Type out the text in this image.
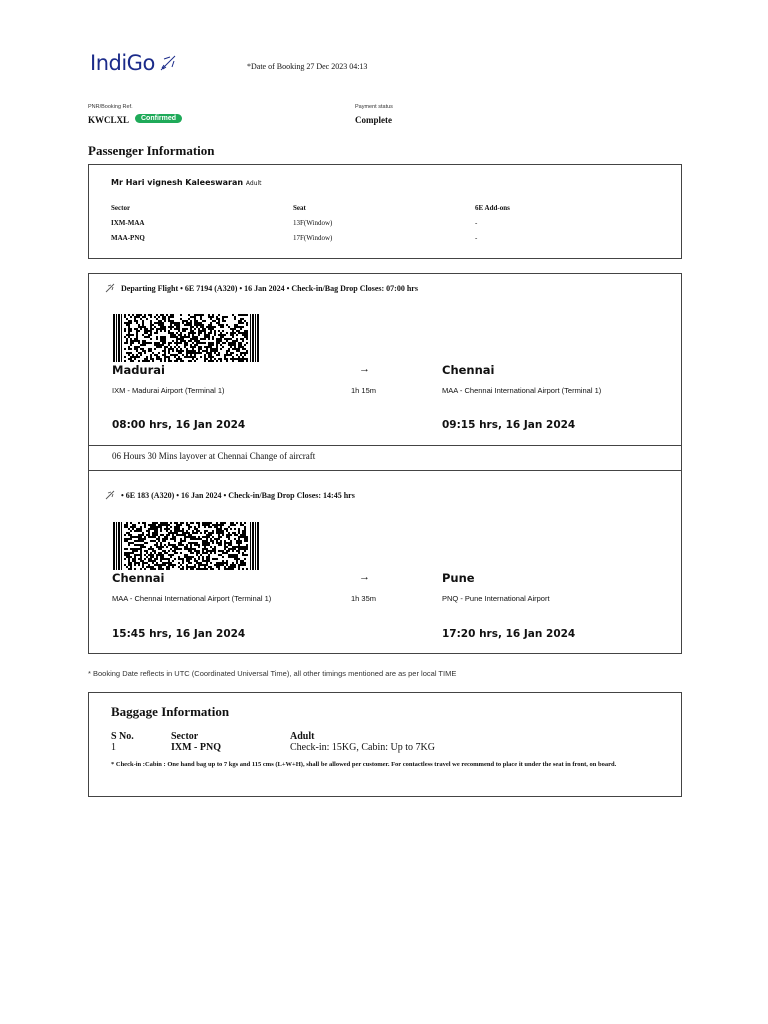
IndiGo	*Date of Booking 27 Dec 2023 04:13
PNR/Booking Ref.
KWCLXL	Confirmed
Payment status
Complete
Passenger Information
Mr Hari vignesh Kaleeswaran Adult
Sector	Seat	6E Add-ons
IXM-MAA	13F(Window)	-
MAA-PNQ	17F(Window)	-
Departing Flight • 6E 7194 (A320) • 16 Jan 2024 • Check-in/Bag Drop Closes: 07:00 hrs
Madurai	→	Chennai
IXM - Madurai Airport (Terminal 1)	1h 15m	MAA - Chennai International Airport (Terminal 1)
08:00 hrs, 16 Jan 2024	09:15 hrs, 16 Jan 2024
06 Hours 30 Mins layover at Chennai Change of aircraft
• 6E 183 (A320) • 16 Jan 2024 • Check-in/Bag Drop Closes: 14:45 hrs
Chennai	→	Pune
MAA - Chennai International Airport (Terminal 1)	1h 35m	PNQ - Pune International Airport
15:45 hrs, 16 Jan 2024	17:20 hrs, 16 Jan 2024
* Booking Date reflects in UTC (Coordinated Universal Time), all other timings mentioned are as per local TIME
Baggage Information
S No.	Sector	Adult
1	IXM - PNQ	Check-in: 15KG, Cabin: Up to 7KG
* Check-in :Cabin : One hand bag up to 7 kgs and 115 cms (L+W+H), shall be allowed per customer. For contactless travel we recommend to place it under the seat in front, on board.
